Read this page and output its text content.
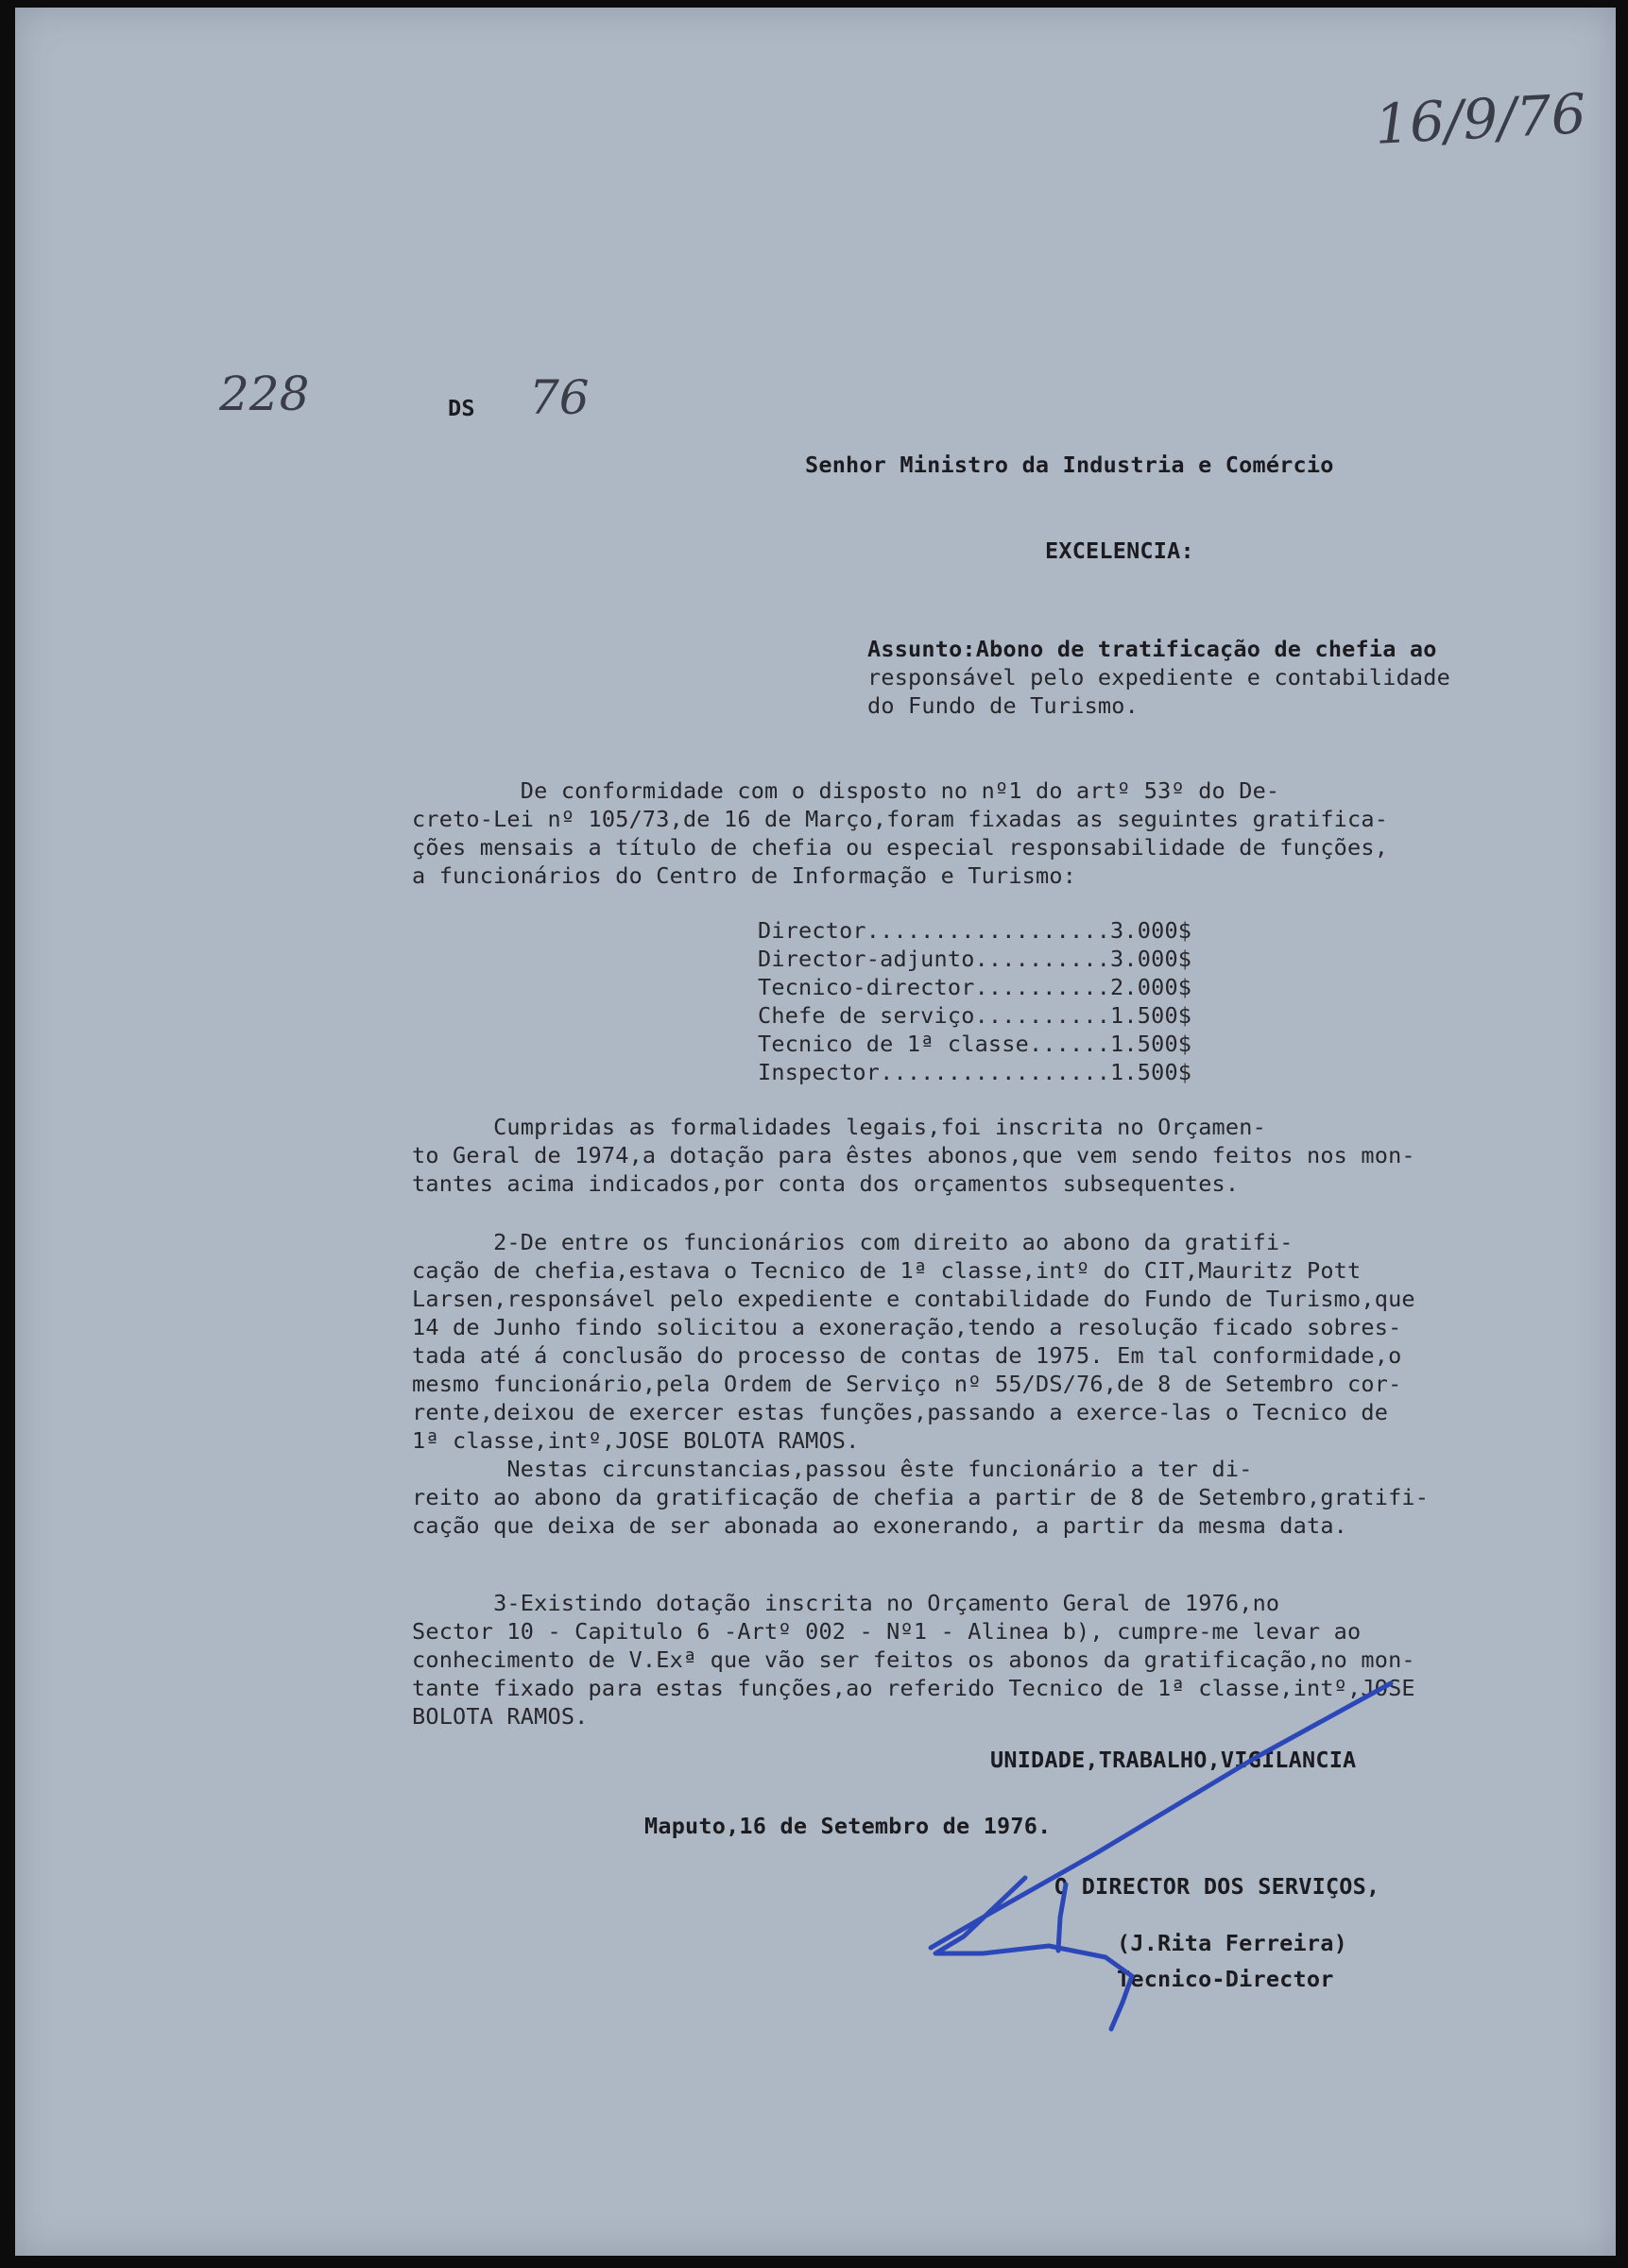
16/9/76
228	DS 76
Senhor Ministro da Industria e Comércio
EXCELENCIA:
Assunto:Abono de tratificação de chefia ao
responsável pelo expediente e contabilidade
do Fundo de Turismo.
De conformidade com o disposto no nº1 do artº 53º do De-
creto-Lei nº 105/73,de 16 de Março,foram fixadas as seguintes gratifica-
ções mensais a título de chefia ou especial responsabilidade de funções,
a funcionários do Centro de Informação e Turismo:
Director..................3.000$
Director-adjunto..........3.000$
Tecnico-director..........2.000$
Chefe de serviço..........1.500$
Tecnico de 1ª classe......1.500$
Inspector.................1.500$
Cumpridas as formalidades legais,foi inscrita no Orçamen-
to Geral de 1974,a dotação para êstes abonos,que vem sendo feitos nos mon-
tantes acima indicados,por conta dos orçamentos subsequentes.
2-De entre os funcionários com direito ao abono da gratifi-
cação de chefia,estava o Tecnico de 1ª classe,intº do CIT,Mauritz Pott
Larsen,responsável pelo expediente e contabilidade do Fundo de Turismo,que
14 de Junho findo solicitou a exoneração,tendo a resolução ficado sobres-
tada até á conclusão do processo de contas de 1975. Em tal conformidade,o
mesmo funcionário,pela Ordem de Serviço nº 55/DS/76,de 8 de Setembro cor-
rente,deixou de exercer estas funções,passando a exerce-las o Tecnico de
1ª classe,intº,JOSE BOLOTA RAMOS.
Nestas circunstancias,passou êste funcionário a ter di-
reito ao abono da gratificação de chefia a partir de 8 de Setembro,gratifi-
cação que deixa de ser abonada ao exonerando, a partir da mesma data.
3-Existindo dotação inscrita no Orçamento Geral de 1976,no
Sector 10 - Capitulo 6 -Artº 002 - Nº1 - Alinea b), cumpre-me levar ao
conhecimento de V.Exª que vão ser feitos os abonos da gratificação,no mon-
tante fixado para estas funções,ao referido Tecnico de 1ª classe,intº,JOSE
BOLOTA RAMOS.
UNIDADE,TRABALHO,VIGILANCIA
Maputo,16 de Setembro de 1976.
O DIRECTOR DOS SERVIÇOS,
(J.Rita Ferreira)
Tecnico-Director
